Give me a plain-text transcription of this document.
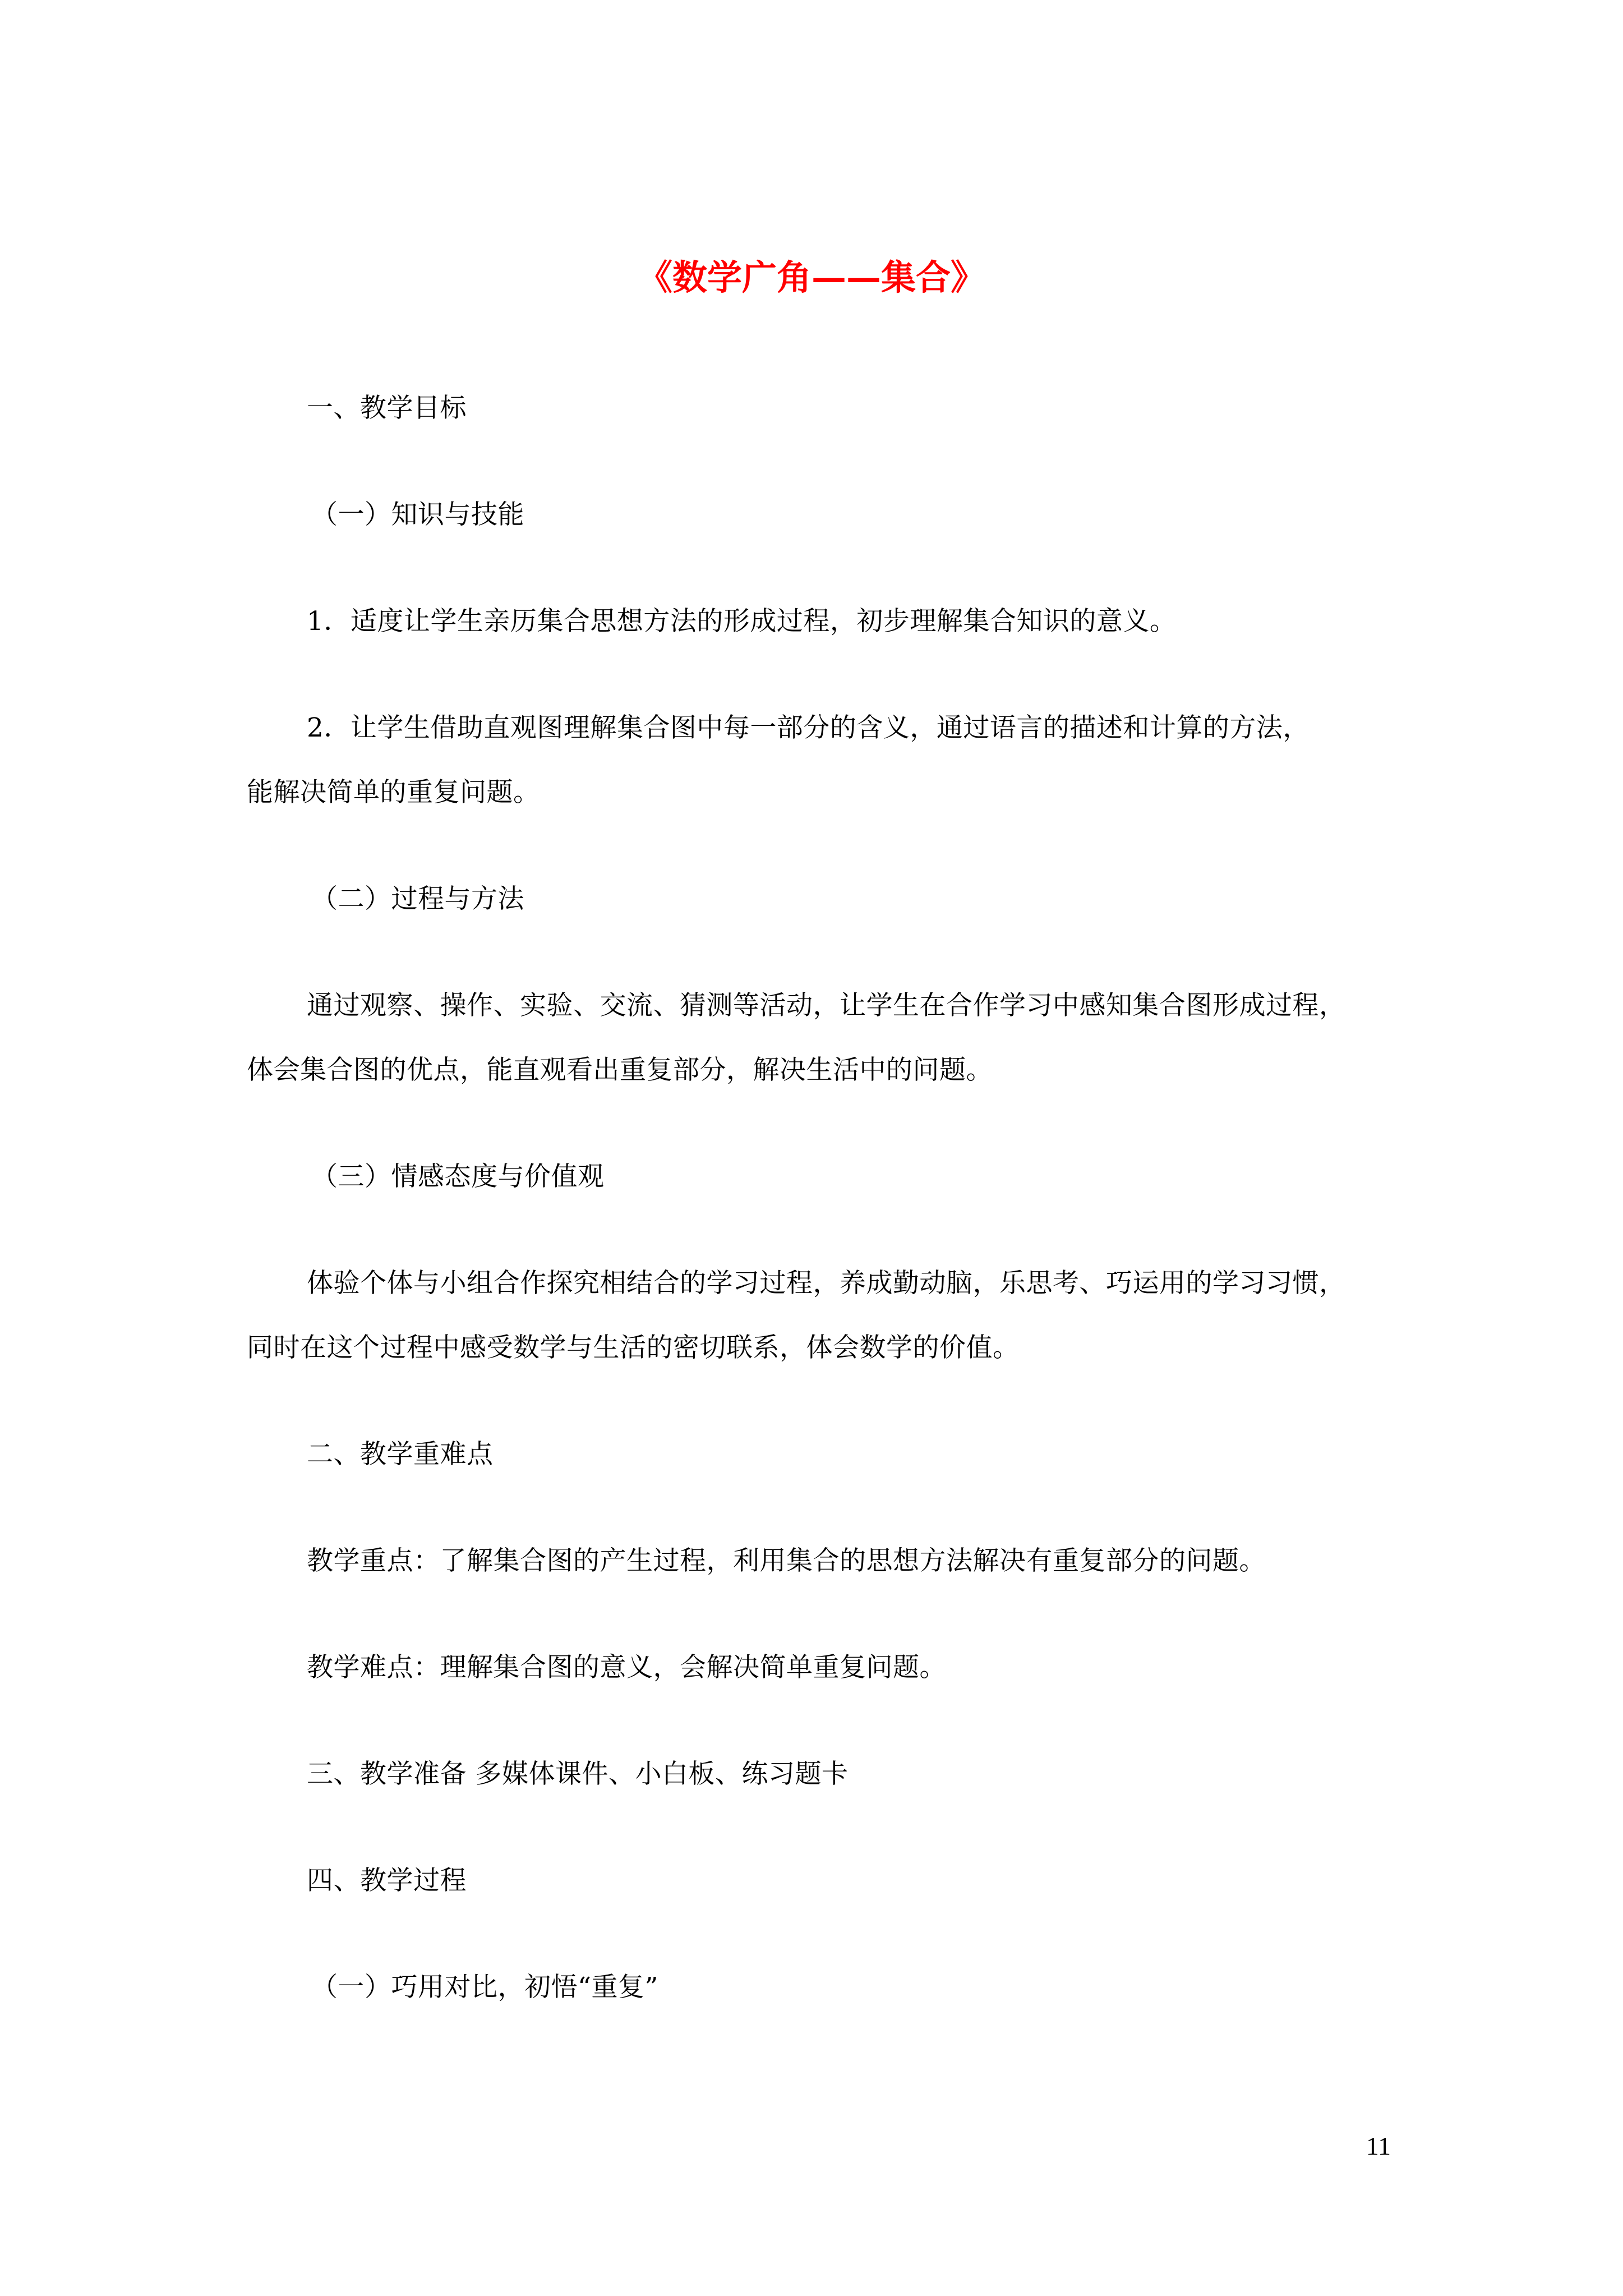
《数学广角——集合》
一、教学目标
（一）知识与技能
1．适度让学生亲历集合思想方法的形成过程，初步理解集合知识的意义。
2．让学生借助直观图理解集合图中每一部分的含义，通过语言的描述和计算的方法，
能解决简单的重复问题。
（二）过程与方法
通过观察、操作、实验、交流、猜测等活动，让学生在合作学习中感知集合图形成过程，
体会集合图的优点，能直观看出重复部分，解决生活中的问题。
（三）情感态度与价值观
体验个体与小组合作探究相结合的学习过程，养成勤动脑，乐思考、巧运用的学习习惯，
同时在这个过程中感受数学与生活的密切联系，体会数学的价值。
二、教学重难点
教学重点：了解集合图的产生过程，利用集合的思想方法解决有重复部分的问题。
教学难点：理解集合图的意义，会解决简单重复问题。
三、教学准备 多媒体课件、小白板、练习题卡
四、教学过程
（一）巧用对比，初悟“重复”
11
